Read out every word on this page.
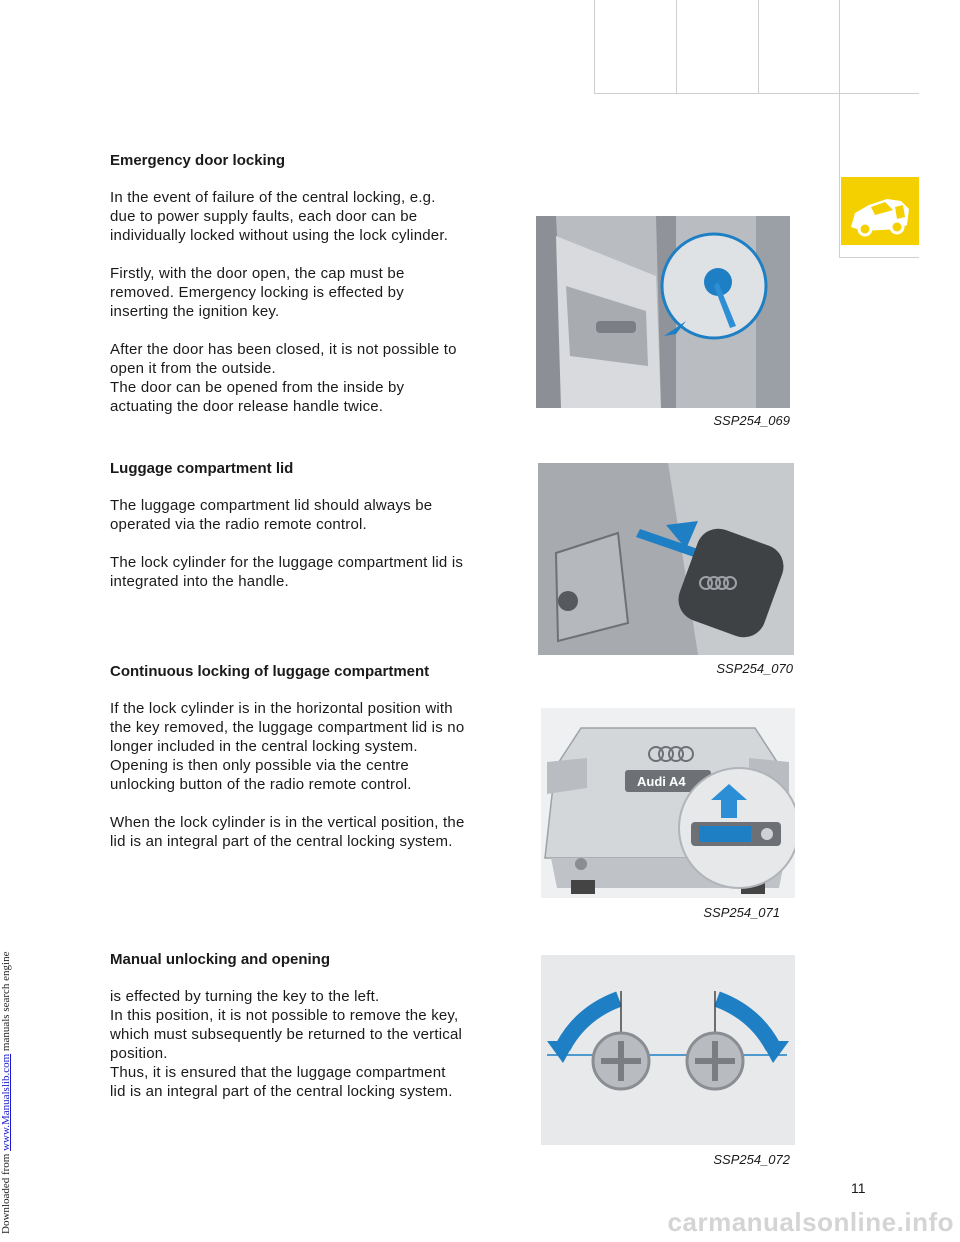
Downloaded from www.Manualslib.com manuals search engine

Emergency door locking

In the event of failure of the central locking, e.g. due to power supply faults, each door can be individually locked without using the lock cylinder.

Firstly, with the door open, the cap must be removed. Emergency locking is effected by inserting the ignition key.

After the door has been closed, it is not possible to open it from the outside.
The door can be opened from the inside by actuating the door release handle twice.

Luggage compartment lid

The luggage compartment lid should always be operated via the radio remote control.

The lock cylinder for the luggage compartment lid is integrated into the handle.

Continuous locking of luggage compartment

If the lock cylinder is in the horizontal position with the key removed, the luggage compartment lid is no longer included in the central locking system. Opening is then only possible via the centre unlocking button of the radio remote control.

When the lock cylinder is in the vertical position, the lid is an integral part of the central locking system.

Manual unlocking and opening

is effected by turning the key to the left.
In this position, it is not possible to remove the key, which must subsequently be returned to the vertical position.
Thus, it is ensured that the luggage compartment lid is an integral part of the central locking system.

SSP254_069
SSP254_070
Audi A4
SSP254_071
SSP254_072
11
carmanualsonline.info
